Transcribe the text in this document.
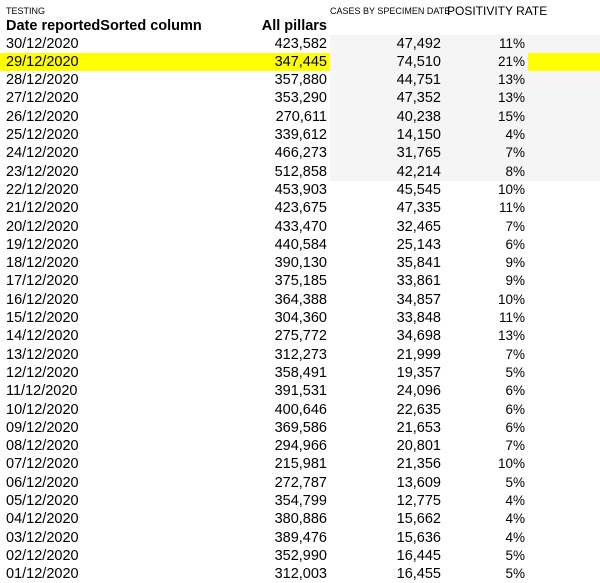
TESTING	CASES BY SPECIMEN DATE
POSITIVITY RATE
Date reportedSorted column	All pillars
30/12/2020	423,582	47,492	11%
29/12/2020	347,445	74,510	21%
28/12/2020	357,880	44,751	13%
27/12/2020	353,290	47,352	13%
26/12/2020	270,611	40,238	15%
25/12/2020	339,612	14,150	4%
24/12/2020	466,273	31,765	7%
23/12/2020	512,858	42,214	8%
22/12/2020	453,903	45,545	10%
21/12/2020	423,675	47,335	11%
20/12/2020	433,470	32,465	7%
19/12/2020	440,584	25,143	6%
18/12/2020	390,130	35,841	9%
17/12/2020	375,185	33,861	9%
16/12/2020	364,388	34,857	10%
15/12/2020	304,360	33,848	11%
14/12/2020	275,772	34,698	13%
13/12/2020	312,273	21,999	7%
12/12/2020	358,491	19,357	5%
11/12/2020	391,531	24,096	6%
10/12/2020	400,646	22,635	6%
09/12/2020	369,586	21,653	6%
08/12/2020	294,966	20,801	7%
07/12/2020	215,981	21,356	10%
06/12/2020	272,787	13,609	5%
05/12/2020	354,799	12,775	4%
04/12/2020	380,886	15,662	4%
03/12/2020	389,476	15,636	4%
02/12/2020	352,990	16,445	5%
01/12/2020	312,003	16,455	5%
